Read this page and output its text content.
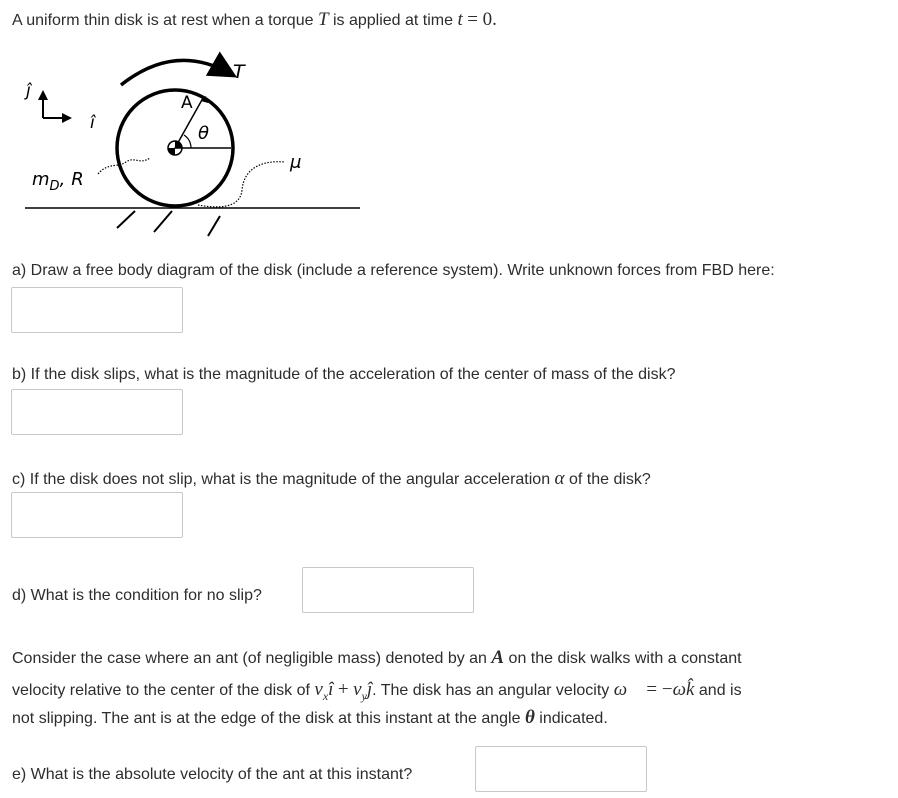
A uniform thin disk is at rest when a torque T is applied at time t = 0.
T
ĵ
î	θ
A
$m_D$, R
μ
a) Draw a free body diagram of the disk (include a reference system). Write unknown forces from FBD here:
b) If the disk slips, what is the magnitude of the acceleration of the center of mass of the disk?
c) If the disk does not slip, what is the magnitude of the angular acceleration α of the disk?
d) What is the condition for no slip?
Consider the case where an ant (of negligible mass) denoted by an A on the disk walks with a constant
velocity relative to the center of the disk of $v_xî$ + $v_yĵ$. The disk has an angular velocity ω⃗ = −ωk̂ and is
not slipping. The ant is at the edge of the disk at this instant at the angle θ indicated.
e) What is the absolute velocity of the ant at this instant?
